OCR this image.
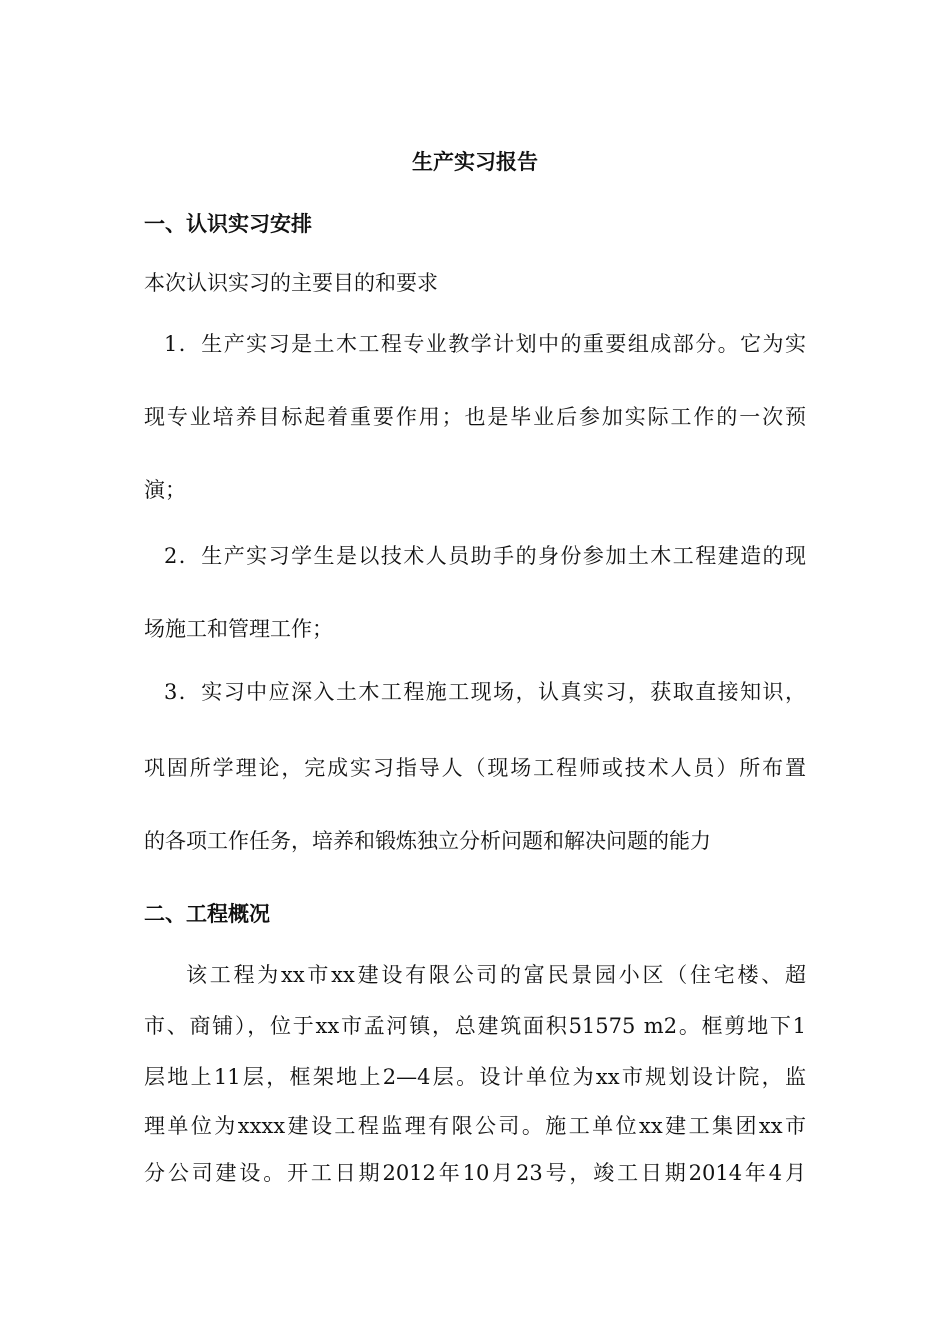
生产实习报告
一、认识实习安排
本次认识实习的主要目的和要求
1．生产实习是土木工程专业教学计划中的重要组成部分。它为实
现专业培养目标起着重要作用；也是毕业后参加实际工作的一次预
演；
2．生产实习学生是以技术人员助手的身份参加土木工程建造的现
场施工和管理工作；
3．实习中应深入土木工程施工现场，认真实习，获取直接知识，
巩固所学理论，完成实习指导人（现场工程师或技术人员）所布置
的各项工作任务，培养和锻炼独立分析问题和解决问题的能力
二、工程概况
该工程为xx市xx建设有限公司的富民景园小区（住宅楼、超
市、商铺），位于xx市孟河镇，总建筑面积51575 m2。框剪地下1
层地上11层，框架地上2—4层。设计单位为xx市规划设计院，监
理单位为xxxx建设工程监理有限公司。施工单位xx建工集团xx市
分公司建设。开工日期2012年10月23号，竣工日期2014年4月
